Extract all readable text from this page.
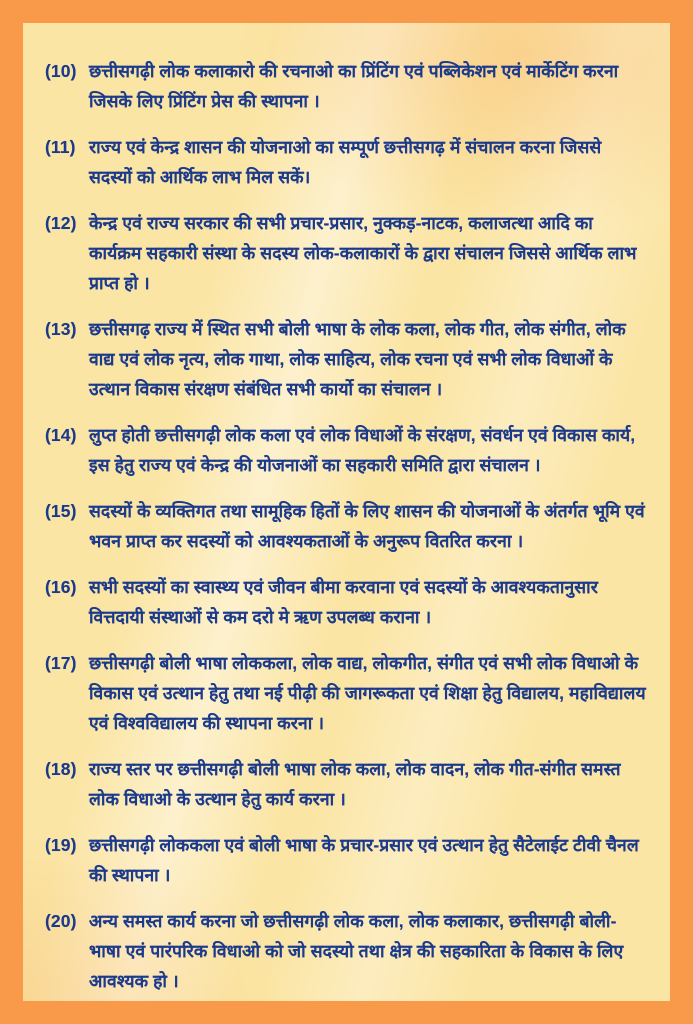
(10) छत्तीसगढ़ी लोक कलाकारो की रचनाओ का प्रिंटिंग एवं पब्लिकेशन एवं मार्केटिंग करना जिसके लिए प्रिंटिंग प्रेस की स्थापना ।
(11) राज्य एवं केन्द्र शासन की योजनाओ का सम्पूर्ण छत्तीसगढ़ में संचालन करना जिससे सदस्यों को आर्थिक लाभ मिल सकें।
(12) केन्द्र एवं राज्य सरकार की सभी प्रचार-प्रसार, नुक्कड़-नाटक, कलाजत्था आदि का कार्यक्रम सहकारी संस्था के सदस्य लोक-कलाकारों के द्वारा संचालन जिससे आर्थिक लाभ प्राप्त हो ।
(13) छत्तीसगढ़ राज्य में स्थित सभी बोली भाषा के लोक कला, लोक गीत, लोक संगीत, लोक वाद्य एवं लोक नृत्य, लोक गाथा, लोक साहित्य, लोक रचना एवं सभी लोक विधाओं के उत्थान विकास संरक्षण संबंधित सभी कार्यो का संचालन ।
(14) लुप्त होती छत्तीसगढ़ी लोक कला एवं लोक विधाओं के संरक्षण, संवर्धन एवं विकास कार्य, इस हेतु राज्य एवं केन्द्र की योजनाओं का सहकारी समिति द्वारा संचालन ।
(15) सदस्यों के व्यक्तिगत तथा सामूहिक हितों के लिए शासन की योजनाओं के अंतर्गत भूमि एवं भवन प्राप्त कर सदस्यों को आवश्यकताओं के अनुरूप वितरित करना ।
(16) सभी सदस्यों का स्वास्थ्य एवं जीवन बीमा करवाना एवं सदस्यों के आवश्यकतानुसार वित्तदायी संस्थाओं से कम दरो मे ऋण उपलब्ध कराना ।
(17) छत्तीसगढ़ी बोली भाषा लोककला, लोक वाद्य, लोकगीत, संगीत एवं सभी लोक विधाओ के विकास एवं उत्थान हेतु तथा नई पीढ़ी की जागरूकता एवं शिक्षा हेतु विद्यालय, महाविद्यालय एवं विश्वविद्यालय की स्थापना करना ।
(18) राज्य स्तर पर छत्तीसगढ़ी बोली भाषा लोक कला, लोक वादन, लोक गीत-संगीत समस्त लोक विधाओ के उत्थान हेतु कार्य करना ।
(19) छत्तीसगढ़ी लोककला एवं बोली भाषा के प्रचार-प्रसार एवं उत्थान हेतु सैटेलाईट टीवी चैनल की स्थापना ।
(20) अन्य समस्त कार्य करना जो छत्तीसगढ़ी लोक कला, लोक कलाकार, छत्तीसगढ़ी बोली-भाषा एवं पारंपरिक विधाओ को जो सदस्यो तथा क्षेत्र की सहकारिता के विकास के लिए आवश्यक हो ।
